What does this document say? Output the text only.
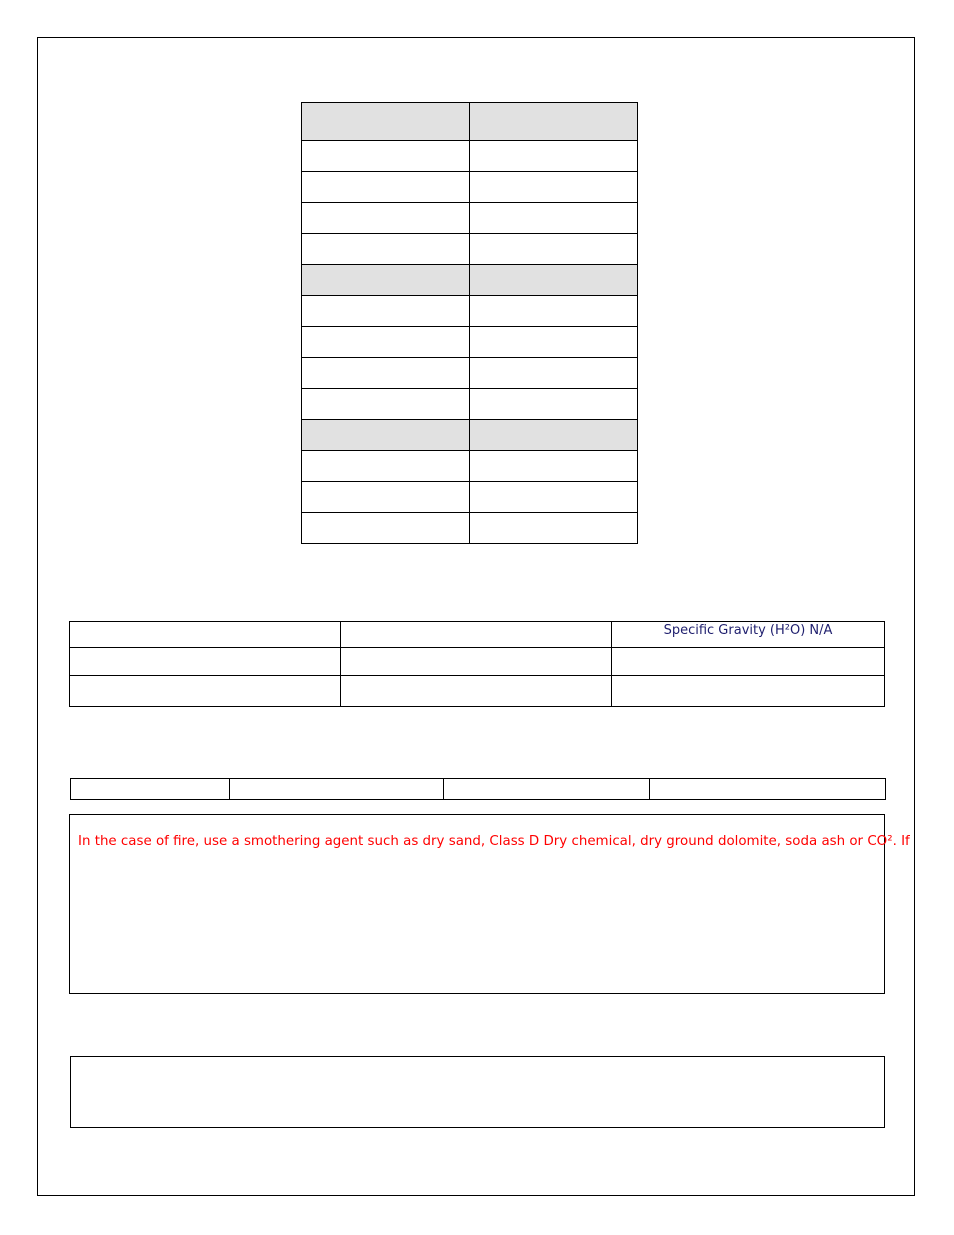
		Specific Gravity (H²O) N/A

In the case of fire, use a smothering agent such as dry sand, Class D Dry chemical, dry ground dolomite, soda ash or CO². If
